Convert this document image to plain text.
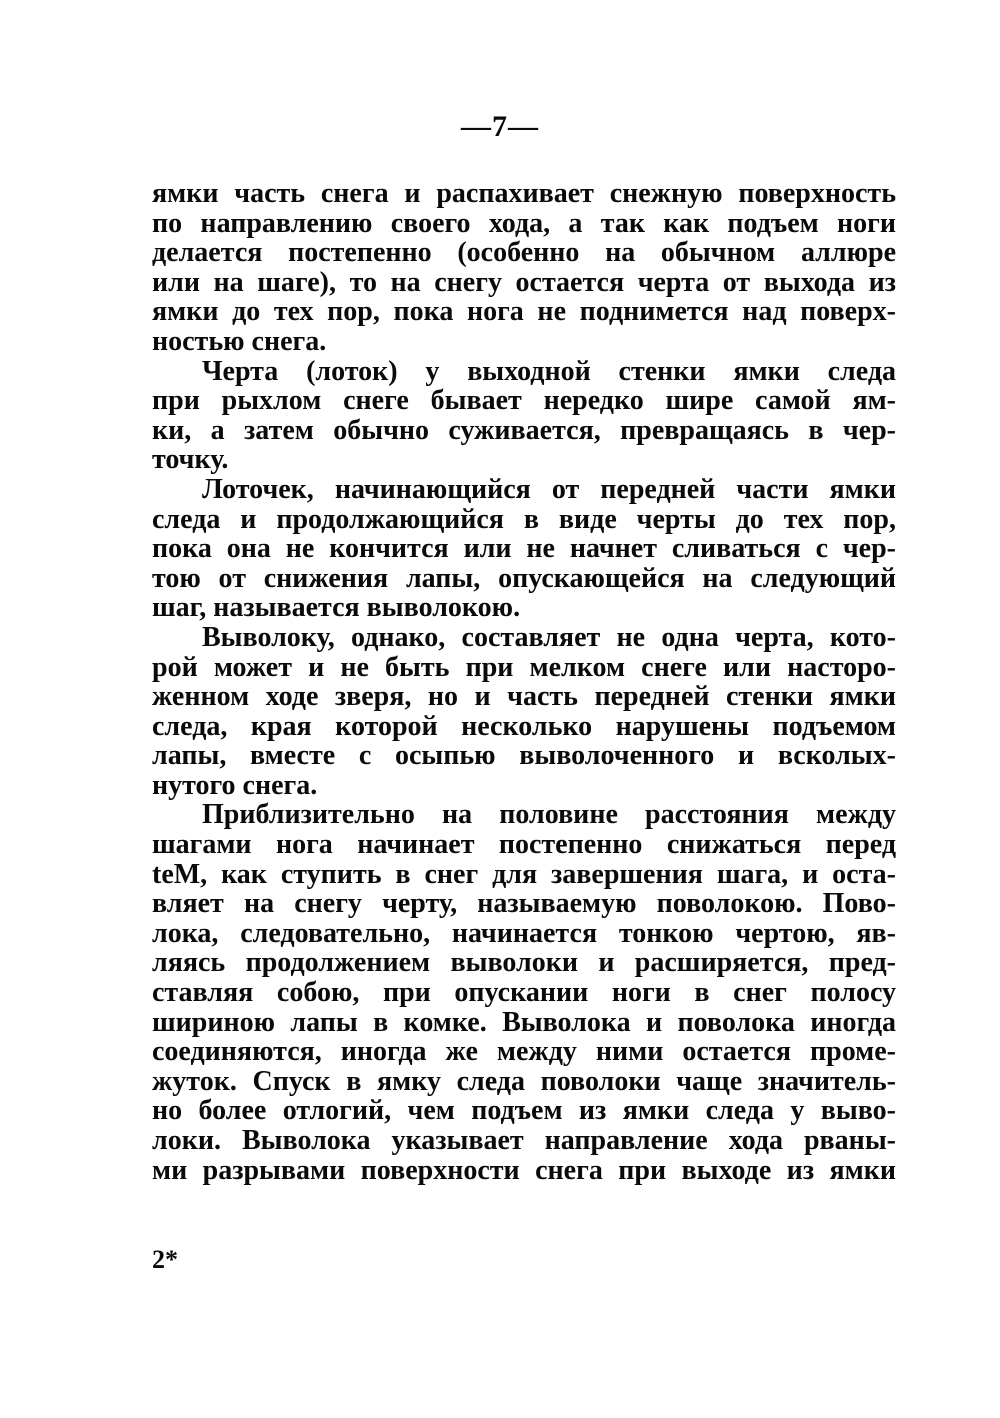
—7—
ямки часть снега и распахивает снежную поверхность
по направлению своего хода, а так как подъем ноги
делается постепенно (особенно на обычном аллюре
или на шаге), то на снегу остается черта от выхода из
ямки до тех пор, пока нога не поднимется над поверх-
ностью снега.
Черта (лоток) у выходной стенки ямки следа
при рыхлом снеге бывает нередко шире самой ям-
ки, а затем обычно суживается, превращаясь в чер-
точку.
Лоточек, начинающийся от передней части ямки
следа и продолжающийся в виде черты до тех пор,
пока она не кончится или не начнет сливаться с чер-
тою от снижения лапы, опускающейся на следующий
шаг, называется выволокою.
Выволоку, однако, составляет не одна черта, кото-
рой может и не быть при мелком снеге или насторо-
женном ходе зверя, но и часть передней стенки ямки
следа, края которой несколько нарушены подъемом
лапы, вместе с осыпью выволоченного и всколых-
нутого снега.
Приблизительно на половине расстояния между
шагами нога начинает постепенно снижаться перед
teM, как ступить в снег для завершения шага, и оста-
вляет на снегу черту, называемую поволокою. Пово-
лока, следовательно, начинается тонкою чертою, яв-
ляясь продолжением выволоки и расширяется, пред-
ставляя собою, при опускании ноги в снег полосу
шириною лапы в комке. Выволока и поволока иногда
соединяются, иногда же между ними остается проме-
жуток. Спуск в ямку следа поволоки чаще значитель-
но более отлогий, чем подъем из ямки следа у выво-
локи. Выволока указывает направление хода рваны-
ми разрывами поверхности снега при выходе из ямки
2*
